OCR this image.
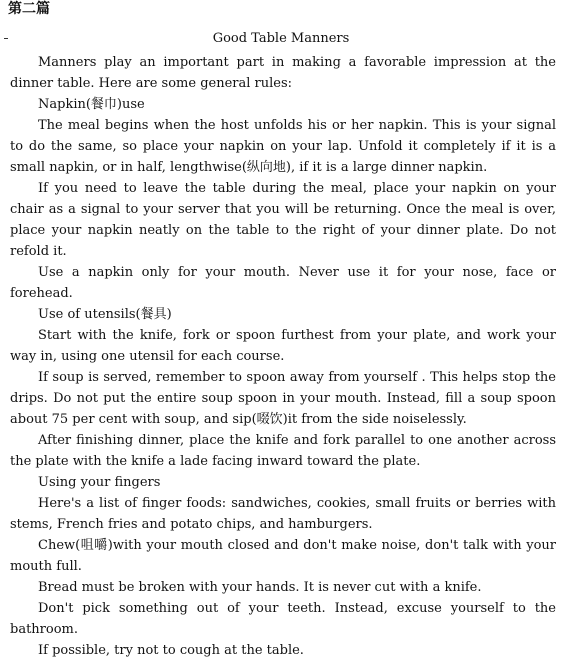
第二篇
Good Table Manners

Manners play an important part in making a favorable impression at the dinner table. Here are some general rules:

Napkin(餐巾)use

The meal begins when the host unfolds his or her napkin. This is your signal to do the same, so place your napkin on your lap. Unfold it completely if it is a small napkin, or in half, lengthwise(纵向地), if it is a large dinner napkin.

If you need to leave the table during the meal, place your napkin on your chair as a signal to your server that you will be returning. Once the meal is over, place your napkin neatly on the table to the right of your dinner plate. Do not refold it.

Use a napkin only for your mouth. Never use it for your nose, face or forehead.

Use of utensils(餐具)

Start with the knife, fork or spoon furthest from your plate, and work your way in, using one utensil for each course.

If soup is served, remember to spoon away from yourself . This helps stop the drips. Do not put the entire soup spoon in your mouth. Instead, fill a soup spoon about 75 per cent with soup, and sip(啜饮)it from the side noiselessly.

After finishing dinner, place the knife and fork parallel to one another across the plate with the knife a lade facing inward toward the plate.

Using your fingers

Here's a list of finger foods: sandwiches, cookies, small fruits or berries with stems, French fries and potato chips, and hamburgers.

Chew(咀嚼)with your mouth closed and don't make noise, don't talk with your mouth full.

Bread must be broken with your hands. It is never cut with a knife.

Don't pick something out of your teeth. Instead, excuse yourself to the bathroom.

If possible, try not to cough at the table.
